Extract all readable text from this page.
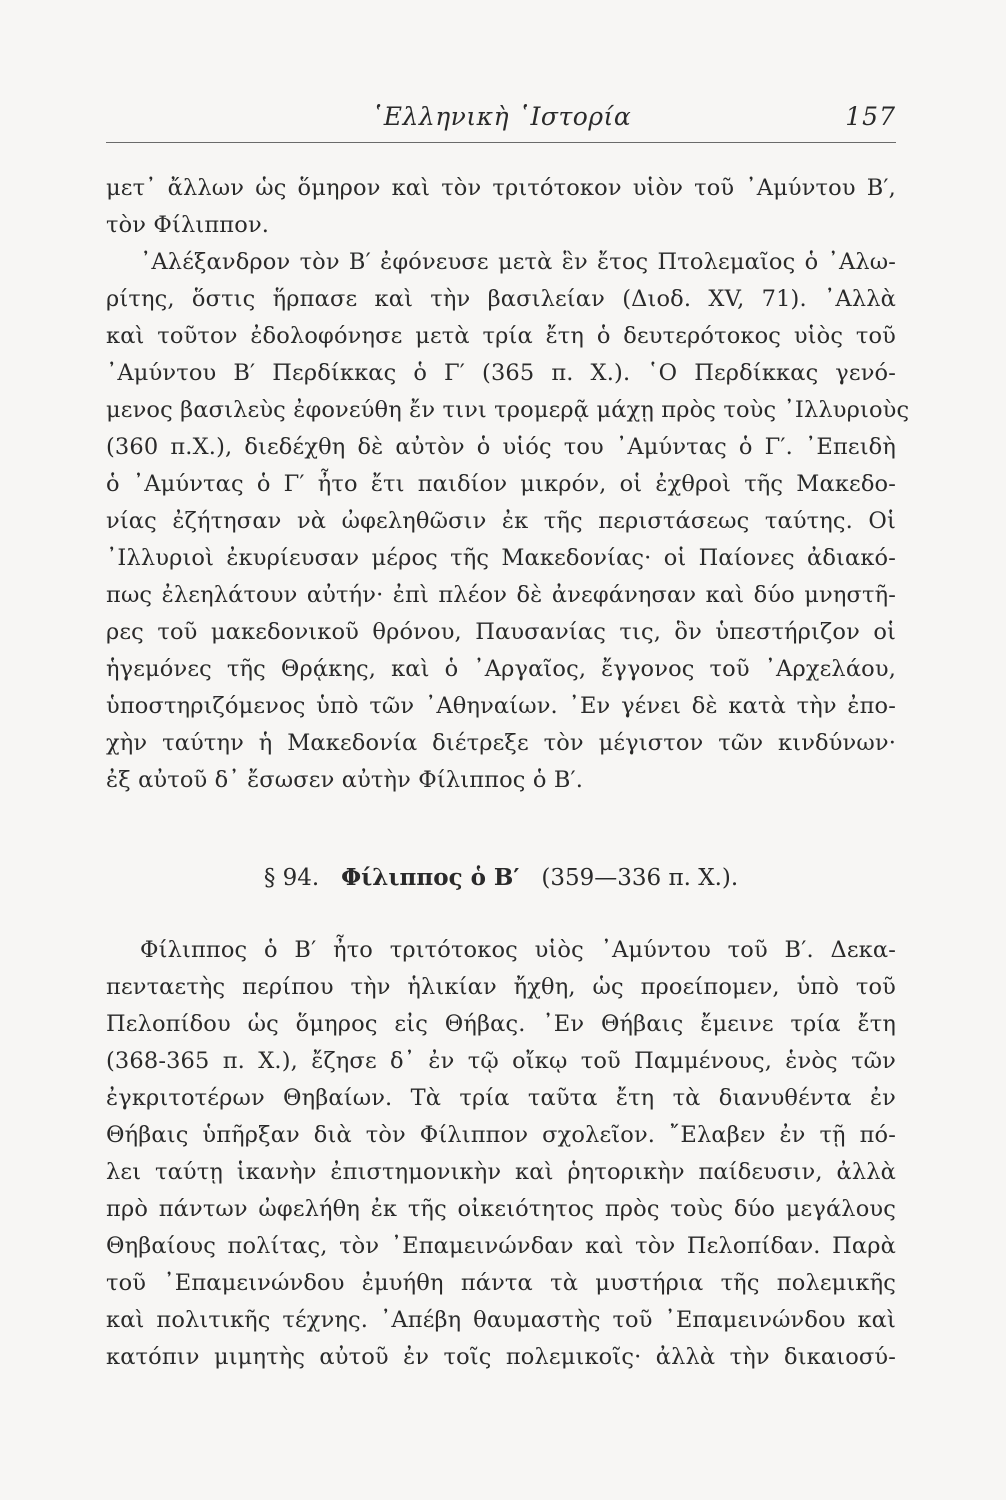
῾Ελληνικὴ ῾Ιστορία	157
μετ᾽ ἄλλων ὡς ὅμηρον καὶ τὸν τριτότοκον υἱὸν τοῦ ᾽Αμύντου Β′,
τὸν Φίλιππον.
᾽Αλέξανδρον τὸν Β′ ἐφόνευσε μετὰ ἓν ἔτος Πτολεμαῖος ὁ ᾽Αλω-
ρίτης, ὅστις ἥρπασε καὶ τὴν βασιλείαν (Διοδ. XV, 71). ᾽Αλλὰ
καὶ τοῦτον ἐδολοφόνησε μετὰ τρία ἔτη ὁ δευτερότοκος υἱὸς τοῦ
᾽Αμύντου Β′ Περδίκκας ὁ Γ′ (365 π. Χ.). ῾Ο Περδίκκας γενό-
μενος βασιλεὺς ἐφονεύθη ἔν τινι τρομερᾷ μάχῃ πρὸς τοὺς ᾽Ιλλυριοὺς
(360 π.Χ.), διεδέχθη δὲ αὐτὸν ὁ υἱός του ᾽Αμύντας ὁ Γ′. ᾽Επειδὴ
ὁ ᾽Αμύντας ὁ Γ′ ἦτο ἔτι παιδίον μικρόν, οἱ ἐχθροὶ τῆς Μακεδο-
νίας ἐζήτησαν νὰ ὠφεληθῶσιν ἐκ τῆς περιστάσεως ταύτης. Οἱ
᾽Ιλλυριοὶ ἐκυρίευσαν μέρος τῆς Μακεδονίας· οἱ Παίονες ἀδιακό-
πως ἐλεηλάτουν αὐτήν· ἐπὶ πλέον δὲ ἀνεφάνησαν καὶ δύο μνηστῆ-
ρες τοῦ μακεδονικοῦ θρόνου, Παυσανίας τις, ὃν ὑπεστήριζον οἱ
ἡγεμόνες τῆς Θρᾴκης, καὶ ὁ ᾽Αργαῖος, ἔγγονος τοῦ ᾽Αρχελάου,
ὑποστηριζόμενος ὑπὸ τῶν ᾽Αθηναίων. ᾽Εν γένει δὲ κατὰ τὴν ἐπο-
χὴν ταύτην ἡ Μακεδονία διέτρεξε τὸν μέγιστον τῶν κινδύνων·
ἐξ αὐτοῦ δ᾽ ἔσωσεν αὐτὴν Φίλιππος ὁ Β′.
§ 94. Φίλιππος ὁ Β′ (359—336 π. Χ.).
Φίλιππος ὁ Β′ ἦτο τριτότοκος υἱὸς ᾽Αμύντου τοῦ Β′. Δεκα-
πενταετὴς περίπου τὴν ἡλικίαν ἤχθη, ὡς προείπομεν, ὑπὸ τοῦ
Πελοπίδου ὡς ὅμηρος εἰς Θήβας. ᾽Εν Θήβαις ἔμεινε τρία ἔτη
(368-365 π. Χ.), ἔζησε δ᾽ ἐν τῷ οἴκῳ τοῦ Παμμένους, ἑνὸς τῶν
ἐγκριτοτέρων Θηβαίων. Τὰ τρία ταῦτα ἔτη τὰ διανυθέντα ἐν
Θήβαις ὑπῆρξαν διὰ τὸν Φίλιππον σχολεῖον. ῎Ελαβεν ἐν τῇ πό-
λει ταύτῃ ἱκανὴν ἐπιστημονικὴν καὶ ῥητορικὴν παίδευσιν, ἀλλὰ
πρὸ πάντων ὠφελήθη ἐκ τῆς οἰκειότητος πρὸς τοὺς δύο μεγάλους
Θηβαίους πολίτας, τὸν ᾽Επαμεινώνδαν καὶ τὸν Πελοπίδαν. Παρὰ
τοῦ ᾽Επαμεινώνδου ἐμυήθη πάντα τὰ μυστήρια τῆς πολεμικῆς
καὶ πολιτικῆς τέχνης. ᾽Απέβη θαυμαστὴς τοῦ ᾽Επαμεινώνδου καὶ
κατόπιν μιμητὴς αὐτοῦ ἐν τοῖς πολεμικοῖς· ἀλλὰ τὴν δικαιοσύ-
